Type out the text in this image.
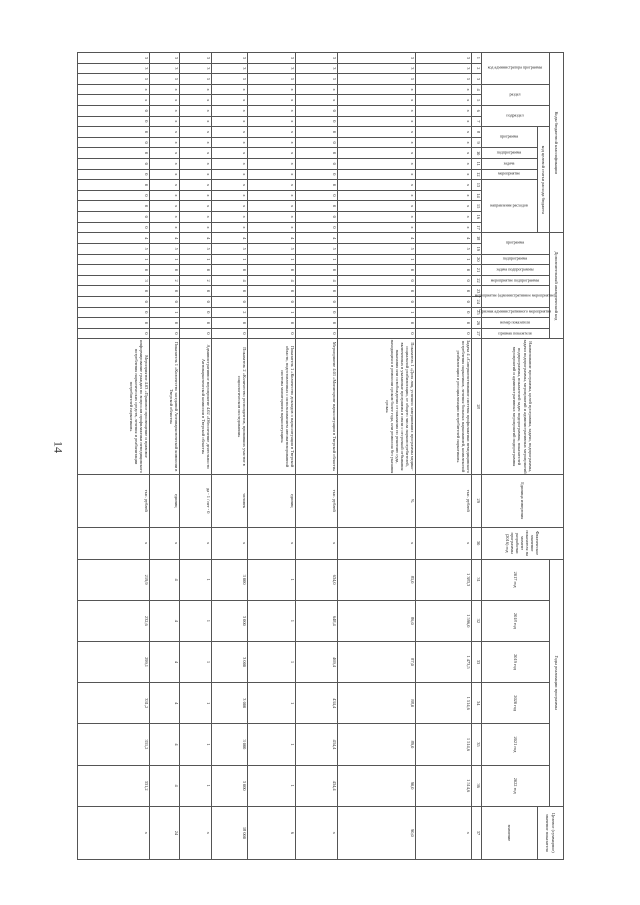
14
Коды бюджетной классификации																	Дополнительный аналитический код										Наименование программы, целей программы, задачи, подпрограммы, задачи подпрограммы, мероприятий и административных мероприятий подпрограммы, показателей задач подпрограммы, показателей мероприятий и административных мероприятий подпрограммы	Единица измерения	Фактическое значение показателя на момент разработки программы (2016) год	Годы реализации программы						Целевое (суммарное) значение показателя

код администратора программы			раздел		подраздел		код целевой статьи расхода бюджета										программа		подпрограмма	задача подпрограммы	мероприятие подпрограммы	мероприятие (административное мероприятие)		Признак административного мероприятия	номер показателя	признак показателя				2017 год	2018 год	2019 год	2020 год	2021 год	2022 год	

							программа		подпрограмма	задача	мероприятие	направление расходов																								значение
1	2	3	4	5	6	7	8	9	10	11	12	13	14	15	16	17	18	19	20	21	22	23	24	25	26	27	28	29	30	31	32	33	34	35	36	37
3	3	5	x	x	x	x	x	x	x	x	x	x	x	x	x	x	4	5	1	0	0	0	0	0	0	0	Задача 4 «Совершенствование системы профилактики немедицинского потребления наркотиков, лечения больных наркоманией, комплексной реабилитации и ресоциализации потребителей наркотиков»	тыс. рублей	x	1 383,3	1 596,0	1 473,5	1 514,6	1 514,6	1 514,6	x
3	3	5	x	x	x	x	x	x	x	x	x	x	x	x	x	x	4	5	1	0	0	0	0	1	0	0	Показатель 1 «Доля лиц, успешно завершивших программы медико-социальной реабилитации, от общего числа наркопотребителей, включенных в указанные программы в связи с отсрочкой отбывания наказания или освобождения от наказания по решению суда, находящихся в ремиссии сроком более года, или ремиссия без указания срока»	%	x	85,0	86,0	87,0	88,0	89,0	90,0	90,0
3	3	5	x	x	0	0	0	0	0	0	0	0	0	0	0	0	4	5	1	0	4	0	0	0	0	0	Мероприятие 4.01 «Мониторинг наркоситуации в Тверской области»	тыс. рублей	x	634,0	648,4	469,4	434,4	434,4	434,4	x
3	3	5	x	x	x	x	x	x	x	x	x	x	x	x	x	x	4	5	1	0	4	0	0	1	0	0	Показатель 1 «Количество докладов о наркоситуации в Тверской области, подготовленных с использованием автоматизированной системы мониторинга наркоситуации»	единиц	x	1	1	1	1	1	1	6
3	3	5	x	x	x	x	x	x	x	x	x	x	x	x	x	x	4	5	1	0	4	0	0	2	0	0	Показатель 2 «Количество респондентов, принявших участие в социологическом исследовании»	человек	x	3 000	3 000	3 000	3 000	3 000	3 000	18 000
3	3	5	x	x	x	x	x	x	x	x	x	x	x	x	x	x	4	5	1	0	2	0	0	0	0	0	Административное мероприятие 4.02 «Обеспечение деятельности Антинаркотической комиссии в Тверской области»	да - 1 / нет - 0	x	1	1	1	1	1	1	x
3	3	5	x	x	x	x	x	x	x	x	x	x	x	x	x	x	4	5	1	0	2	0	0	1	0	0	Показатель 1 «Количество заседаний Антинаркотической комиссии в Тверской области»	единиц	x	4	4	4	4	4	4	24
3	3	5	x	x	0	0	0	0	0	0	0	0	0	0	0	0	4	5	1	0	3	0	0	0	0	0	Мероприятие 4.03 «Правовое просвещение и правовое информирование граждан по вопросам профилактики немедицинского потребления наркотических средств, лечения и реабилитации потребителей наркотиков»	тыс. рублей	x	219,9	232,6	299,1	331,2	331,2	331,2	x
